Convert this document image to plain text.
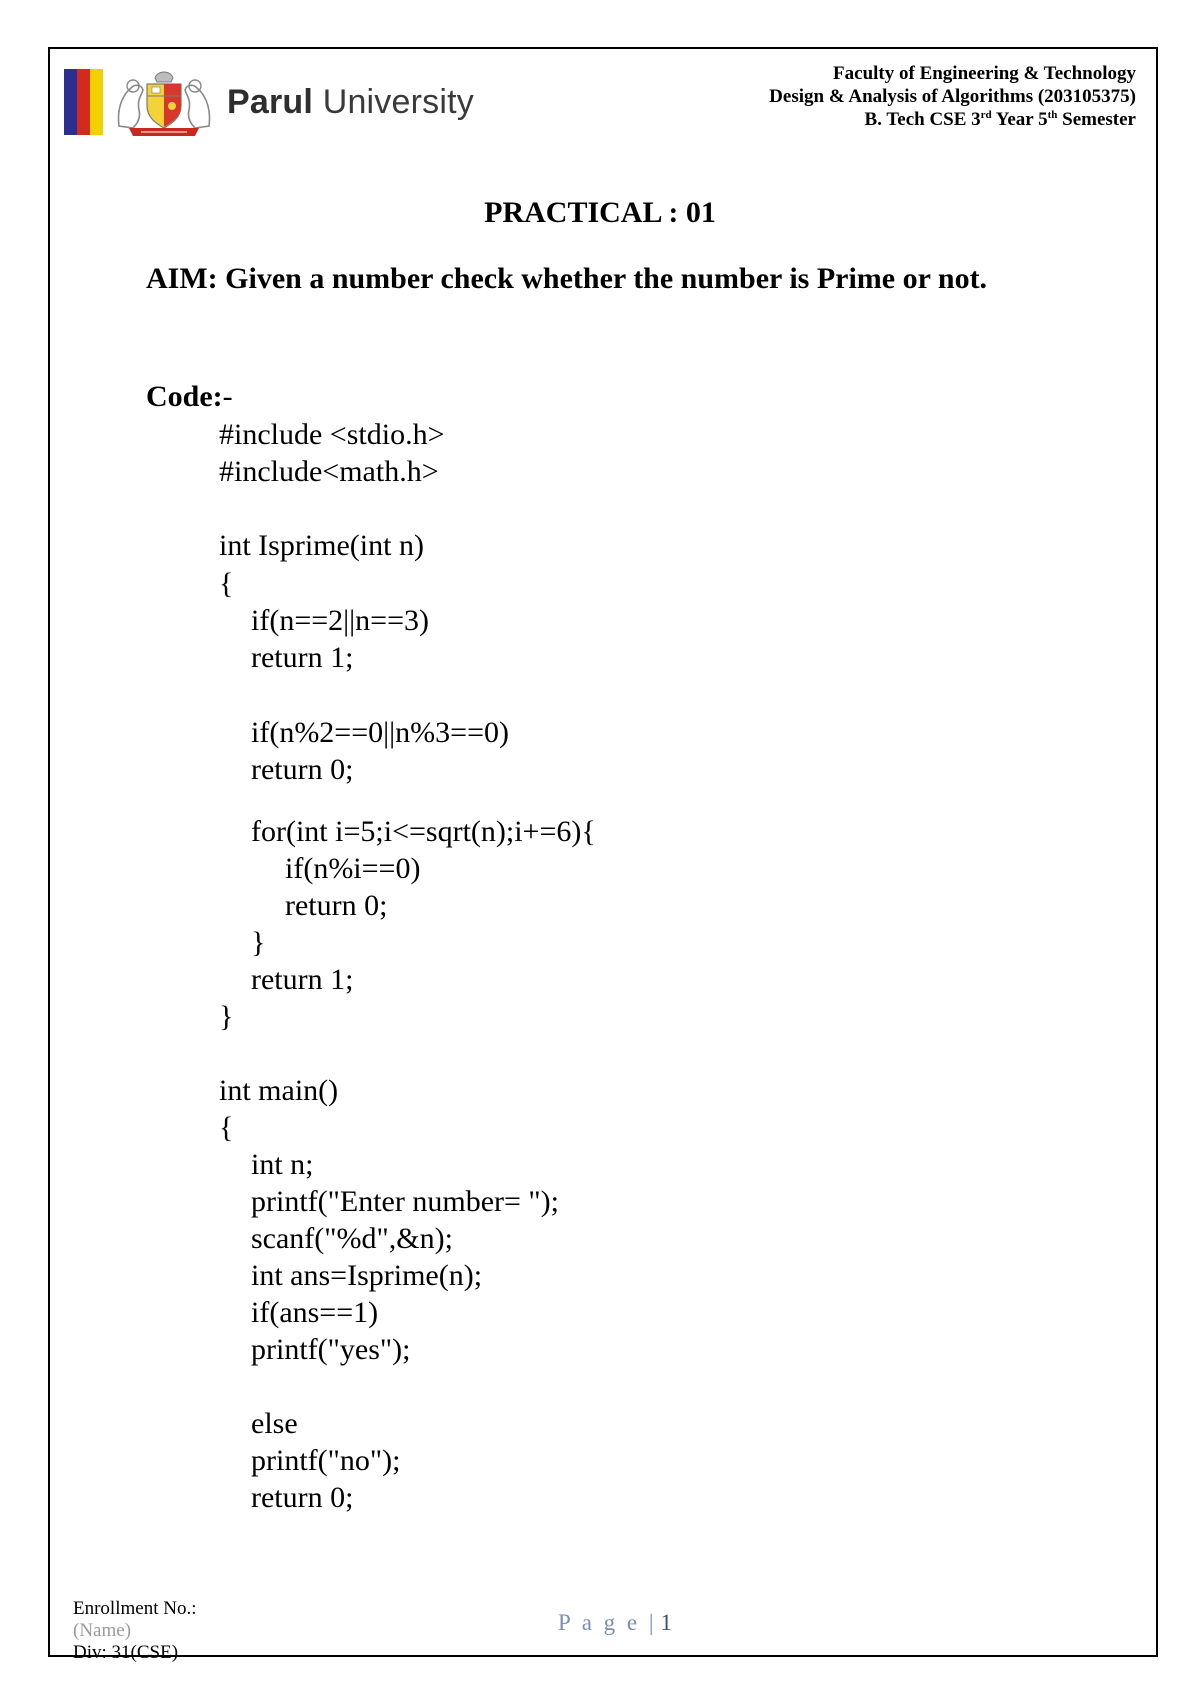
Parul University
Faculty of Engineering & Technology
Design & Analysis of Algorithms (203105375)
B. Tech CSE 3rd Year 5th Semester
PRACTICAL : 01
AIM: Given a number check whether the number is Prime or not.
Code:-
#include <stdio.h>
#include<math.h>
int Isprime(int n)
{
if(n==2||n==3)
return 1;
if(n%2==0||n%3==0)
return 0;
for(int i=5;i<=sqrt(n);i+=6){
if(n%i==0)
return 0;
}
return 1;
}
int main()
{
int n;
printf("Enter number= ");
scanf("%d",&n);
int ans=Isprime(n);
if(ans==1)
printf("yes");
else
printf("no");
return 0;
Enrollment No.:
(Name)
Div: 31(CSE)
P a g e | 1
